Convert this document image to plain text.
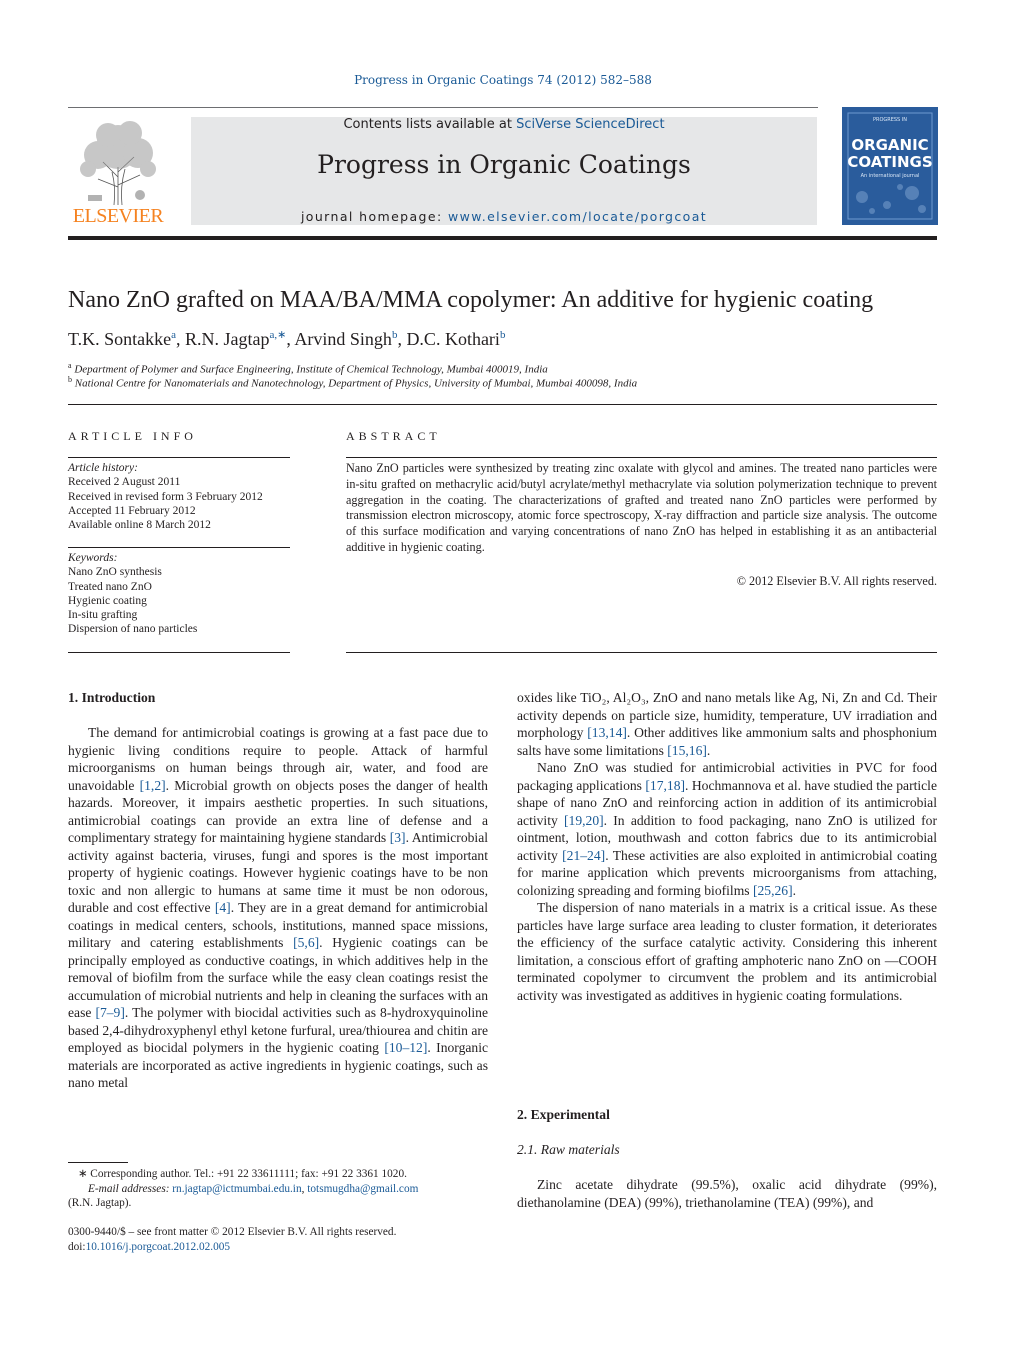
Progress in Organic Coatings 74 (2012) 582–588
ELSEVIER
Contents lists available at SciVerse ScienceDirect
Progress in Organic Coatings
journal homepage: www.elsevier.com/locate/porgcoat
PROGRESS IN
ORGANIC
COATINGS
An international journal
Nano ZnO grafted on MAA/BA/MMA copolymer: An additive for hygienic coating
T.K. Sontakke$^a$, R.N. Jagtap$^{a,∗}$, Arvind Singh$^b$, D.C. Kothari$^b$
$^a$ Department of Polymer and Surface Engineering, Institute of Chemical Technology, Mumbai 400019, India
$^b$ National Centre for Nanomaterials and Nanotechnology, Department of Physics, University of Mumbai, Mumbai 400098, India
ARTICLE INFO
Article history:
Received 2 August 2011
Received in revised form 3 February 2012
Accepted 11 February 2012
Available online 8 March 2012
Keywords:
Nano ZnO synthesis
Treated nano ZnO
Hygienic coating
In-situ grafting
Dispersion of nano particles
ABSTRACT
Nano ZnO particles were synthesized by treating zinc oxalate with glycol and amines. The treated nano particles were in-situ grafted on methacrylic acid/butyl acrylate/methyl methacrylate via solution polymerization technique to prevent aggregation in the coating. The characterizations of grafted and treated nano ZnO particles were performed by transmission electron microscopy, atomic force spectroscopy, X-ray diffraction and particle size analysis. The outcome of this surface modification and varying concentrations of nano ZnO has helped in establishing it as an antibacterial additive in hygienic coating.
© 2012 Elsevier B.V. All rights reserved.
1. Introduction

The demand for antimicrobial coatings is growing at a fast pace due to hygienic living conditions require to people. Attack of harmful microorganisms on human beings through air, water, and food are unavoidable [1,2]. Microbial growth on objects poses the danger of health hazards. Moreover, it impairs aesthetic properties. In such situations, antimicrobial coatings can provide an extra line of defense and a complimentary strategy for maintaining hygiene standards [3]. Antimicrobial activity against bacteria, viruses, fungi and spores is the most important property of hygienic coatings. However hygienic coatings have to be non toxic and non allergic to humans at same time it must be non odorous, durable and cost effective [4]. They are in a great demand for antimicrobial coatings in medical centers, schools, institutions, manned space missions, military and catering establishments [5,6]. Hygienic coatings can be principally employed as conductive coatings, in which additives help in the removal of biofilm from the surface while the easy clean coatings resist the accumulation of microbial nutrients and help in cleaning the surfaces with an ease [7–9]. The polymer with biocidal activities such as 8-hydroxyquinoline based 2,4-dihydroxyphenyl ethyl ketone furfural, urea/thiourea and chitin are employed as biocidal polymers in the hygienic coating [10–12]. Inorganic materials are incorporated as active ingredients in hygienic coatings, such as nano metal

∗ Corresponding author. Tel.: +91 22 33611111; fax: +91 22 3361 1020.
E-mail addresses: rn.jagtap@ictmumbai.edu.in, totsmugdha@gmail.com
(R.N. Jagtap).
0300-9440/$ – see front matter © 2012 Elsevier B.V. All rights reserved.
doi:10.1016/j.porgcoat.2012.02.005

oxides like TiO₂, Al₂O₃, ZnO and nano metals like Ag, Ni, Zn and Cd. Their activity depends on particle size, humidity, temperature, UV irradiation and morphology [13,14]. Other additives like ammonium salts and phosphonium salts have some limitations [15,16].

Nano ZnO was studied for antimicrobial activities in PVC for food packaging applications [17,18]. Hochmannova et al. have studied the particle shape of nano ZnO and reinforcing action in addition of its antimicrobial activity [19,20]. In addition to food packaging, nano ZnO is utilized for ointment, lotion, mouthwash and cotton fabrics due to its antimicrobial activity [21–24]. These activities are also exploited in antimicrobial coating for marine application which prevents microorganisms from attaching, colonizing spreading and forming biofilms [25,26].

The dispersion of nano materials in a matrix is a critical issue. As these particles have large surface area leading to cluster formation, it deteriorates the efficiency of the surface catalytic activity. Considering this inherent limitation, a conscious effort of grafting amphoteric nano ZnO on —COOH terminated copolymer to circumvent the problem and its antimicrobial activity was investigated as additives in hygienic coating formulations.

2. Experimental
2.1. Raw materials

Zinc acetate dihydrate (99.5%), oxalic acid dihydrate (99%), diethanolamine (DEA) (99%), triethanolamine (TEA) (99%), and
